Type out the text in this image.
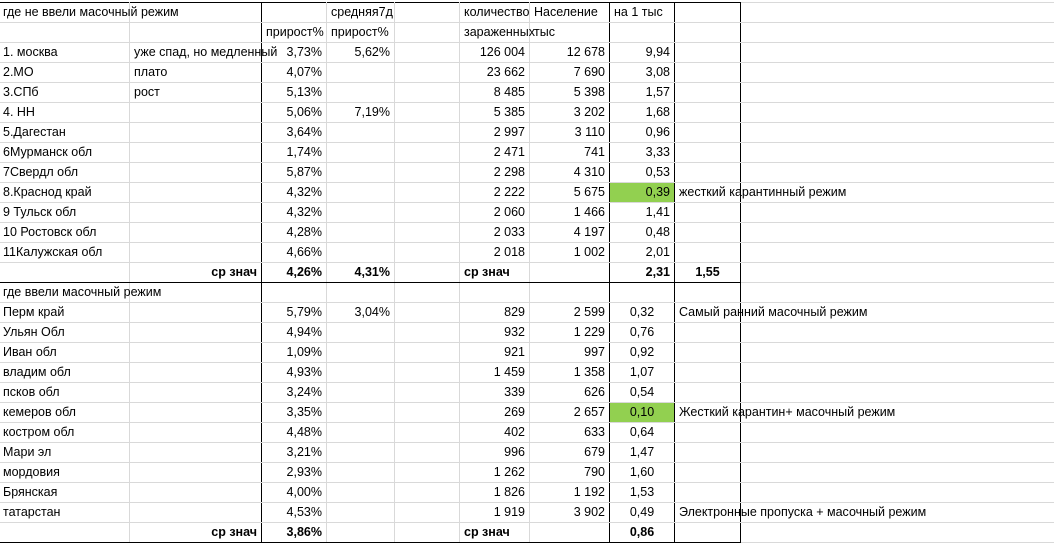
где не ввели масочный режим			средняя7д		количество	Население	на 1 тыс		
		прирост%	прирост%		зараженных	тыс			
1. москва	уже спад, но медленный	3,73%	5,62%		126 004	12 678	9,94		
2.МО	плато	4,07%			23 662	7 690	3,08		
3.СПб	рост	5,13%			8 485	5 398	1,57		
4. НН		5,06%	7,19%		5 385	3 202	1,68		
5.Дагестан		3,64%			2 997	3 110	0,96		
6Мурманск обл		1,74%			2 471	741	3,33		
7Свердл обл		5,87%			2 298	4 310	0,53		
8.Краснод край		4,32%			2 222	5 675	0,39	жесткий карантинный режим	
9 Тульск обл		4,32%			2 060	1 466	1,41		
10 Ростовск обл		4,28%			2 033	4 197	0,48		
11Калужская обл		4,66%			2 018	1 002	2,01		
	ср знач	4,26%	4,31%		ср знач		2,31	1,55	
где ввели масочный режим									
Перм край		5,79%	3,04%		829	2 599	0,32	Самый ранний масочный режим	
Ульян Обл		4,94%			932	1 229	0,76		
Иван обл		1,09%			921	997	0,92		
владим обл		4,93%			1 459	1 358	1,07		
псков обл		3,24%			339	626	0,54		
кемеров обл		3,35%			269	2 657	0,10	Жесткий карантин+ масочный режим	
костром обл		4,48%			402	633	0,64		
Мари эл		3,21%			996	679	1,47		
мордовия		2,93%			1 262	790	1,60		
Брянская		4,00%			1 826	1 192	1,53		
татарстан		4,53%			1 919	3 902	0,49	Электронные пропуска + масочный режим	
	ср знач	3,86%			ср знач		0,86		
